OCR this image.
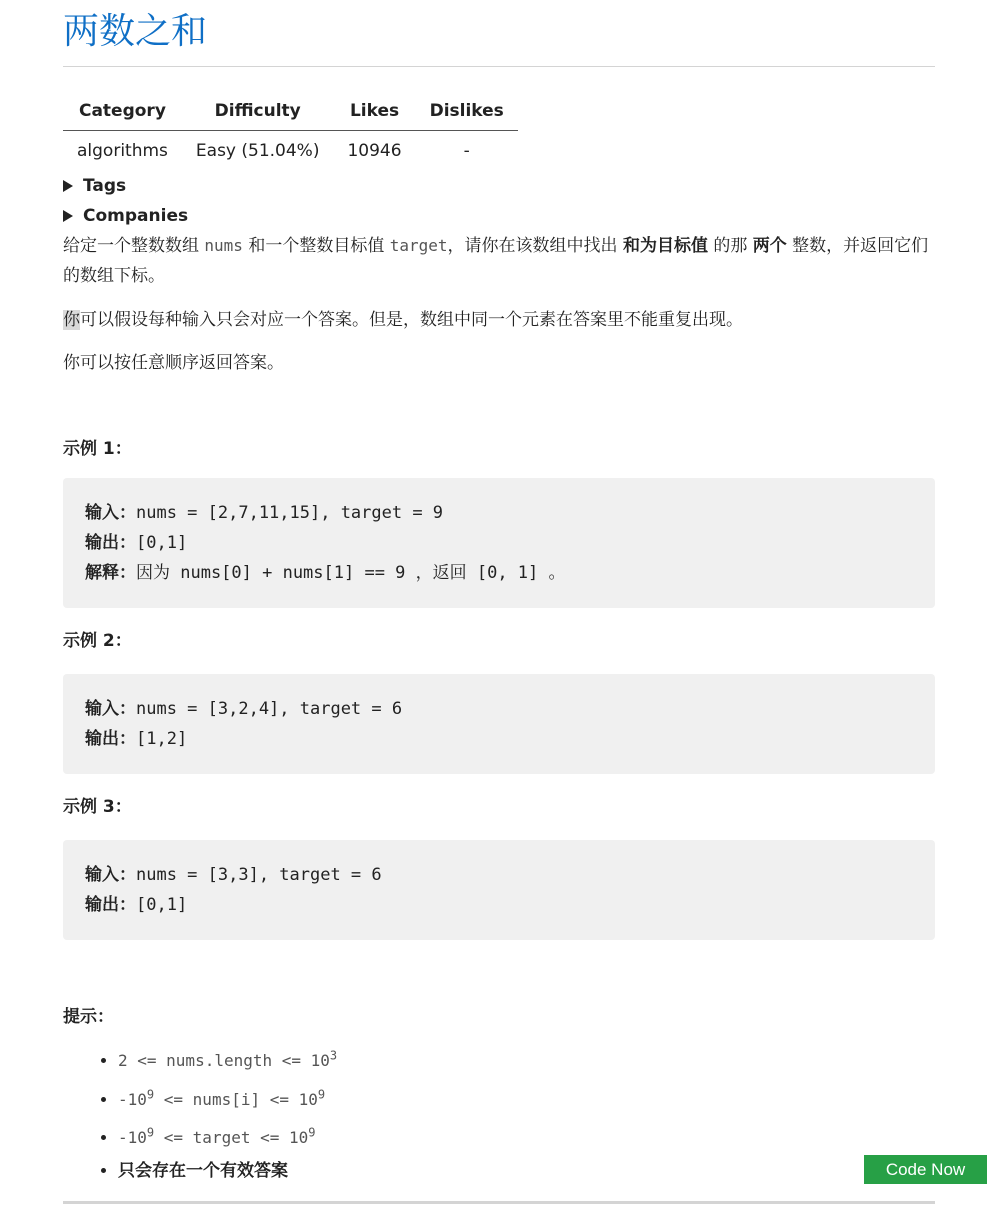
两数之和
Category	Difficulty	Likes	Dislikes
algorithms	Easy (51.04%)	10946	-
Tags
Companies

给定一个整数数组 nums 和一个整数目标值 target，请你在该数组中找出 和为目标值 的那 两个 整数，并返回它们的数组下标。

你可以假设每种输入只会对应一个答案。但是，数组中同一个元素在答案里不能重复出现。

你可以按任意顺序返回答案。

示例 1：
输入：nums = [2,7,11,15], target = 9
输出：[0,1]
解释：因为 nums[0] + nums[1] == 9 ，返回 [0, 1] 。
示例 2：
输入：nums = [3,2,4], target = 6
输出：[1,2]
示例 3：
输入：nums = [3,3], target = 6
输出：[0,1]
提示：
• 2 <= nums.length <= $10^3$
• $-10^9$ <= nums[i] <= $10^9$
• $-10^9$ <= target <= $10^9$
• 只会存在一个有效答案	Code Now
